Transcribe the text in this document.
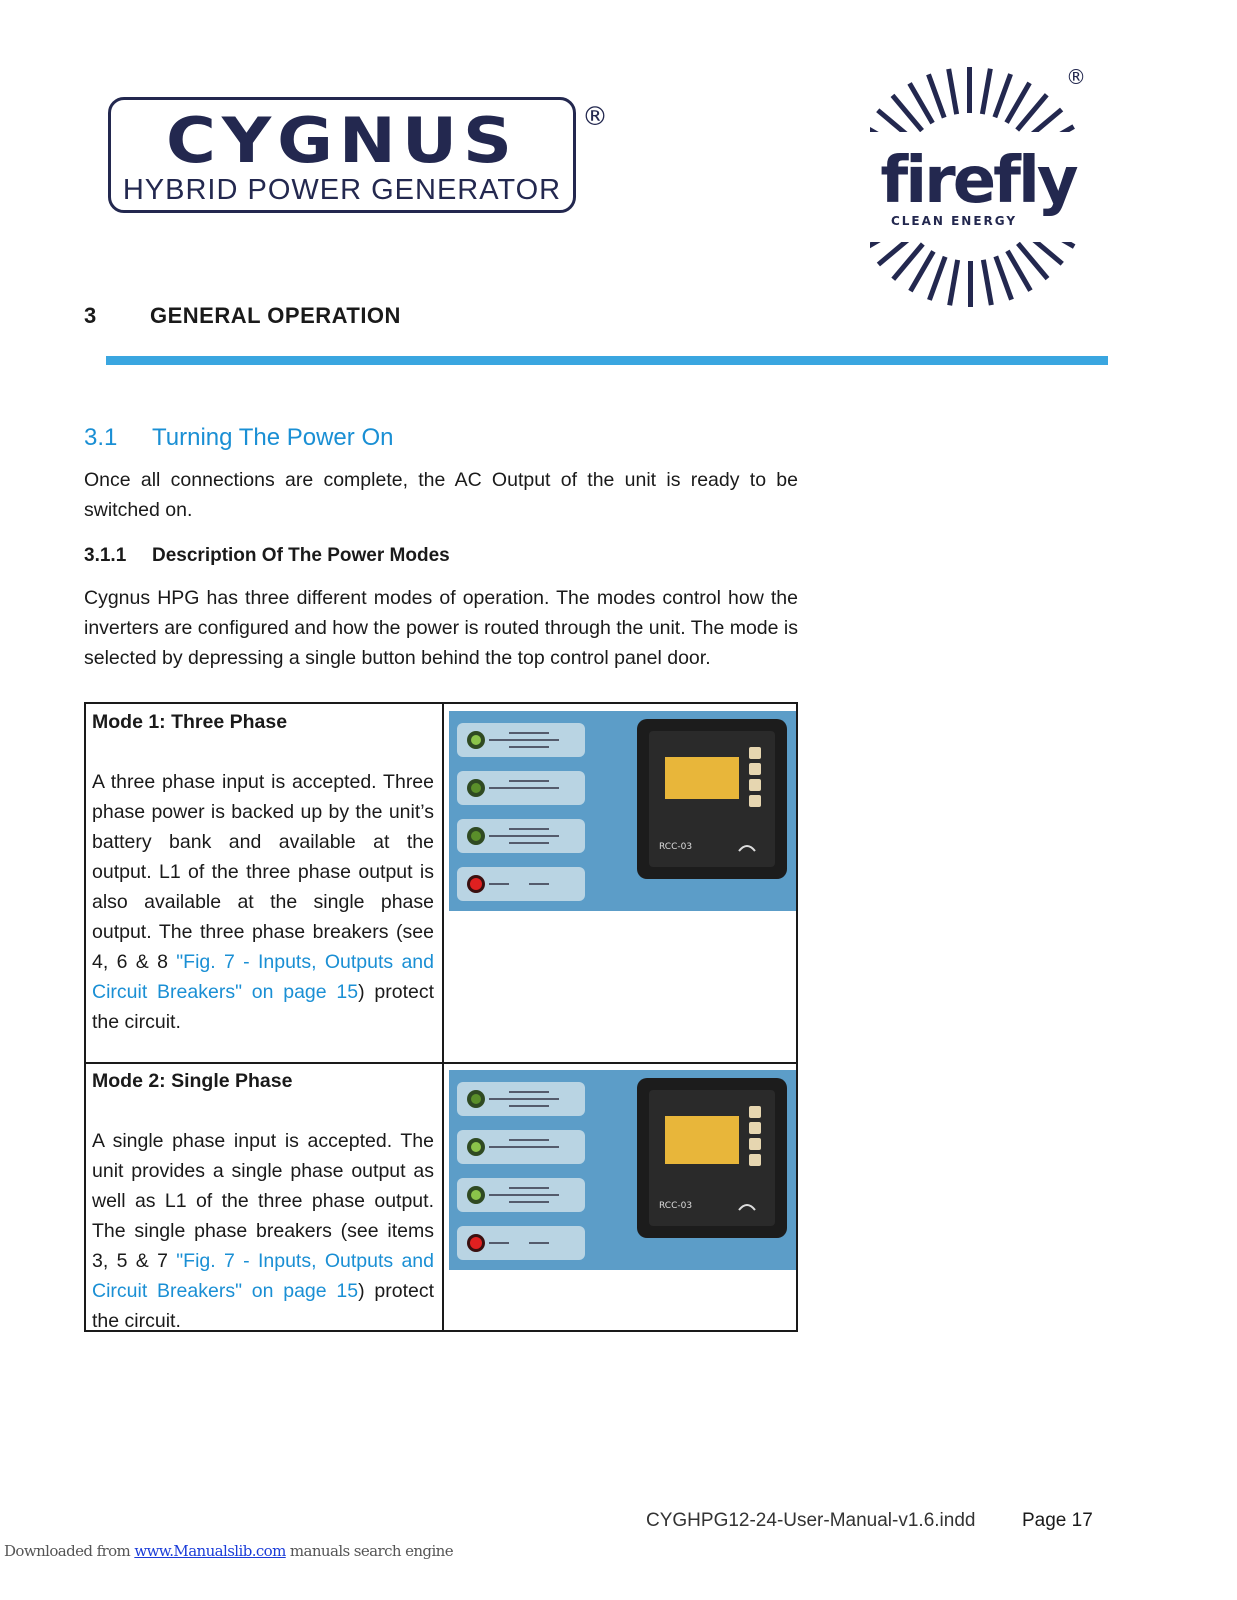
CYGNUS
HYBRID POWER GENERATOR
®
firefly
CLEAN ENERGY
®
3 GENERAL OPERATION
3.1 Turning The Power On
Once all connections are complete, the AC Output of the unit is ready to be switched on.
3.1.1 Description Of The Power Modes
Cygnus HPG has three different modes of operation. The modes control how the inverters are configured and how the power is routed through the unit. The mode is selected by depressing a single button behind the top control panel door.
Mode 1: Three Phase
A three phase input is accepted. Three phase power is backed up by the unit’s battery bank and available at the output. L1 of the three phase output is also available at the single phase output. The three phase breakers (see 4, 6 & 8 "Fig. 7 - Inputs, Outputs and Circuit Breakers" on page 15) protect the circuit.
RCC-03
Mode 2: Single Phase
A single phase input is accepted. The unit provides a single phase output as well as L1 of the three phase output. The single phase breakers (see items 3, 5 & 7 "Fig. 7 - Inputs, Outputs and Circuit Breakers" on page 15) protect the circuit.
RCC-03
CYGHPG12-24-User-Manual-v1.6.indd Page 17
Downloaded from www.Manualslib.com manuals search engine
